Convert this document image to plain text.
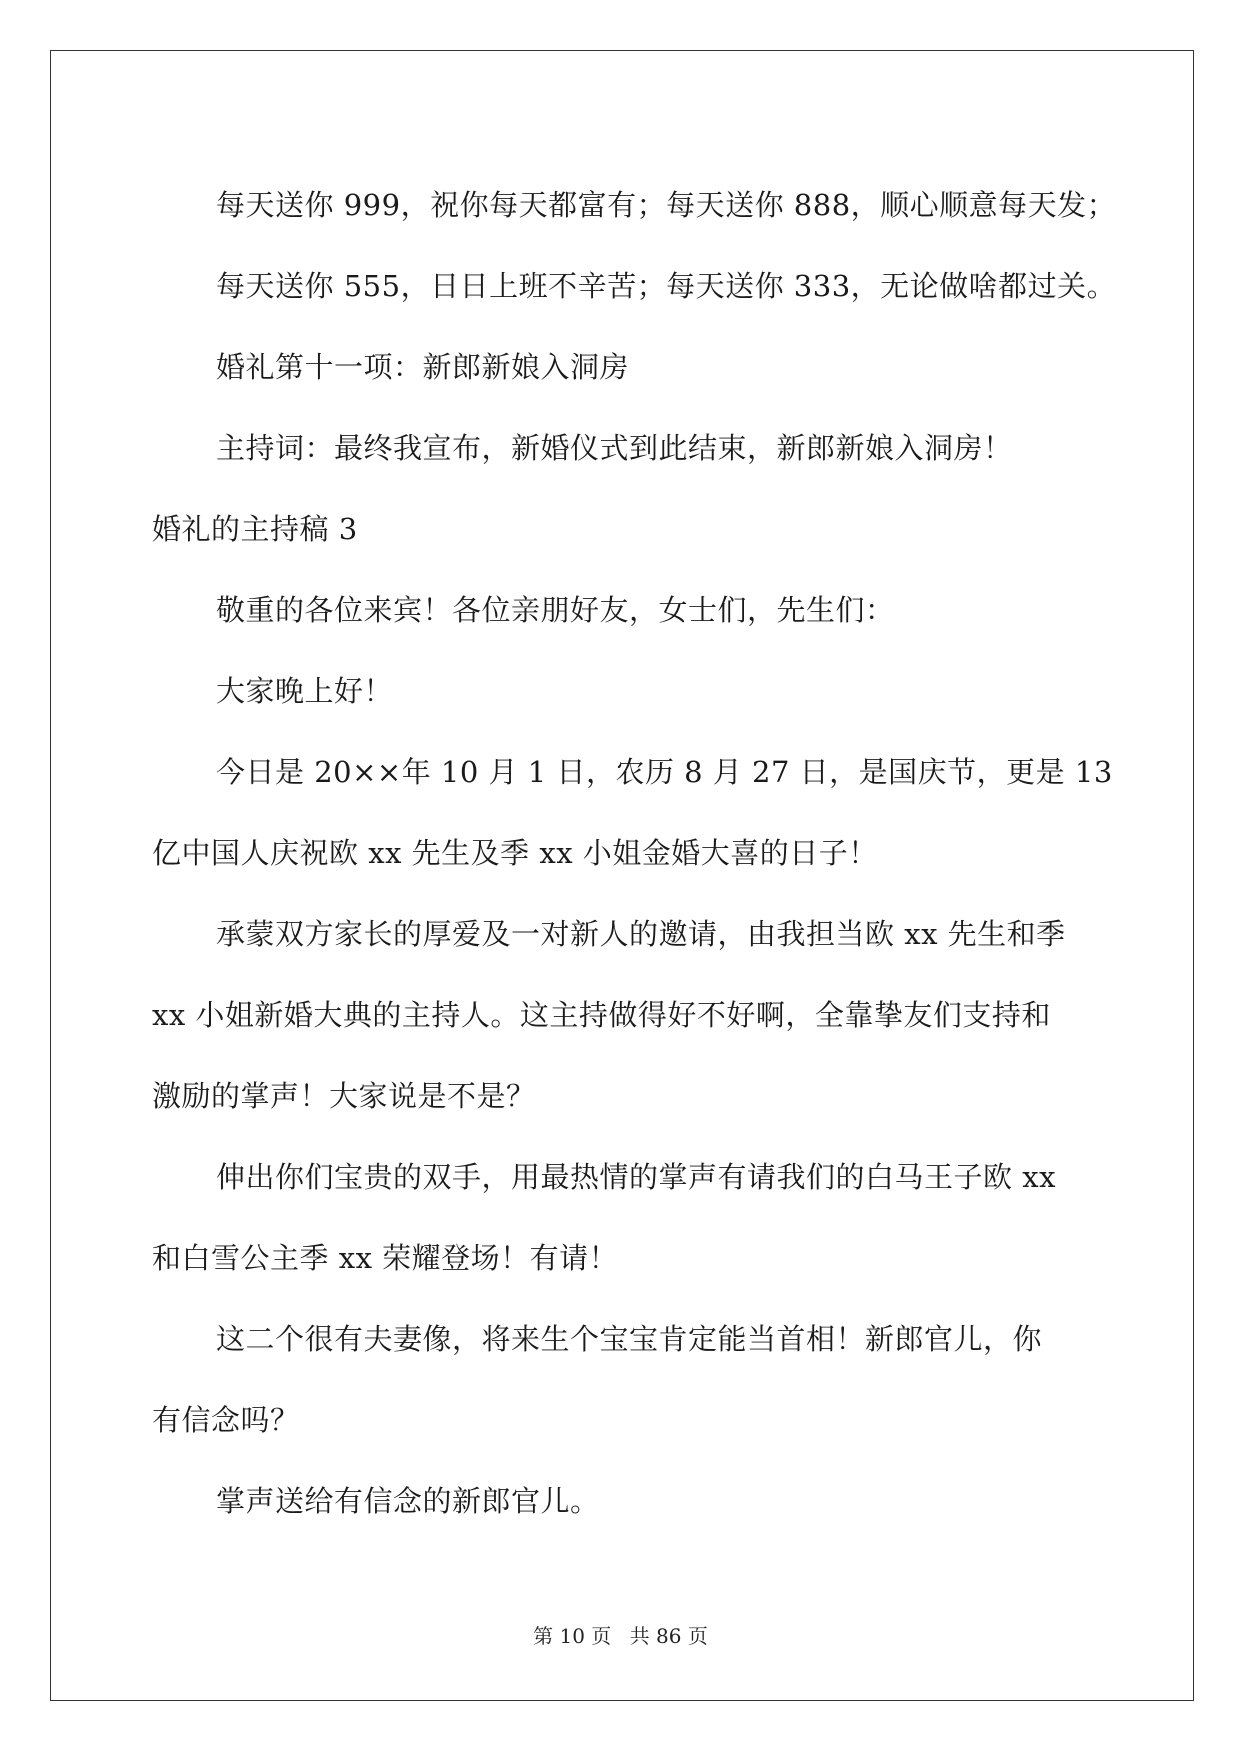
每天送你 999，祝你每天都富有；每天送你 888，顺心顺意每天发；
每天送你 555，日日上班不辛苦；每天送你 333，无论做啥都过关。
婚礼第十一项：新郎新娘入洞房
主持词：最终我宣布，新婚仪式到此结束，新郎新娘入洞房！
婚礼的主持稿 3
敬重的各位来宾！各位亲朋好友，女士们，先生们：
大家晚上好！
今日是 20××年 10 月 1 日，农历 8 月 27 日，是国庆节，更是 13
亿中国人庆祝欧 xx 先生及季 xx 小姐金婚大喜的日子！
承蒙双方家长的厚爱及一对新人的邀请，由我担当欧 xx 先生和季
xx 小姐新婚大典的主持人。这主持做得好不好啊，全靠挚友们支持和
激励的掌声！大家说是不是？
伸出你们宝贵的双手，用最热情的掌声有请我们的白马王子欧 xx
和白雪公主季 xx 荣耀登场！有请！
这二个很有夫妻像，将来生个宝宝肯定能当首相！新郎官儿，你
有信念吗？
掌声送给有信念的新郎官儿。
第 10 页 共 86 页
